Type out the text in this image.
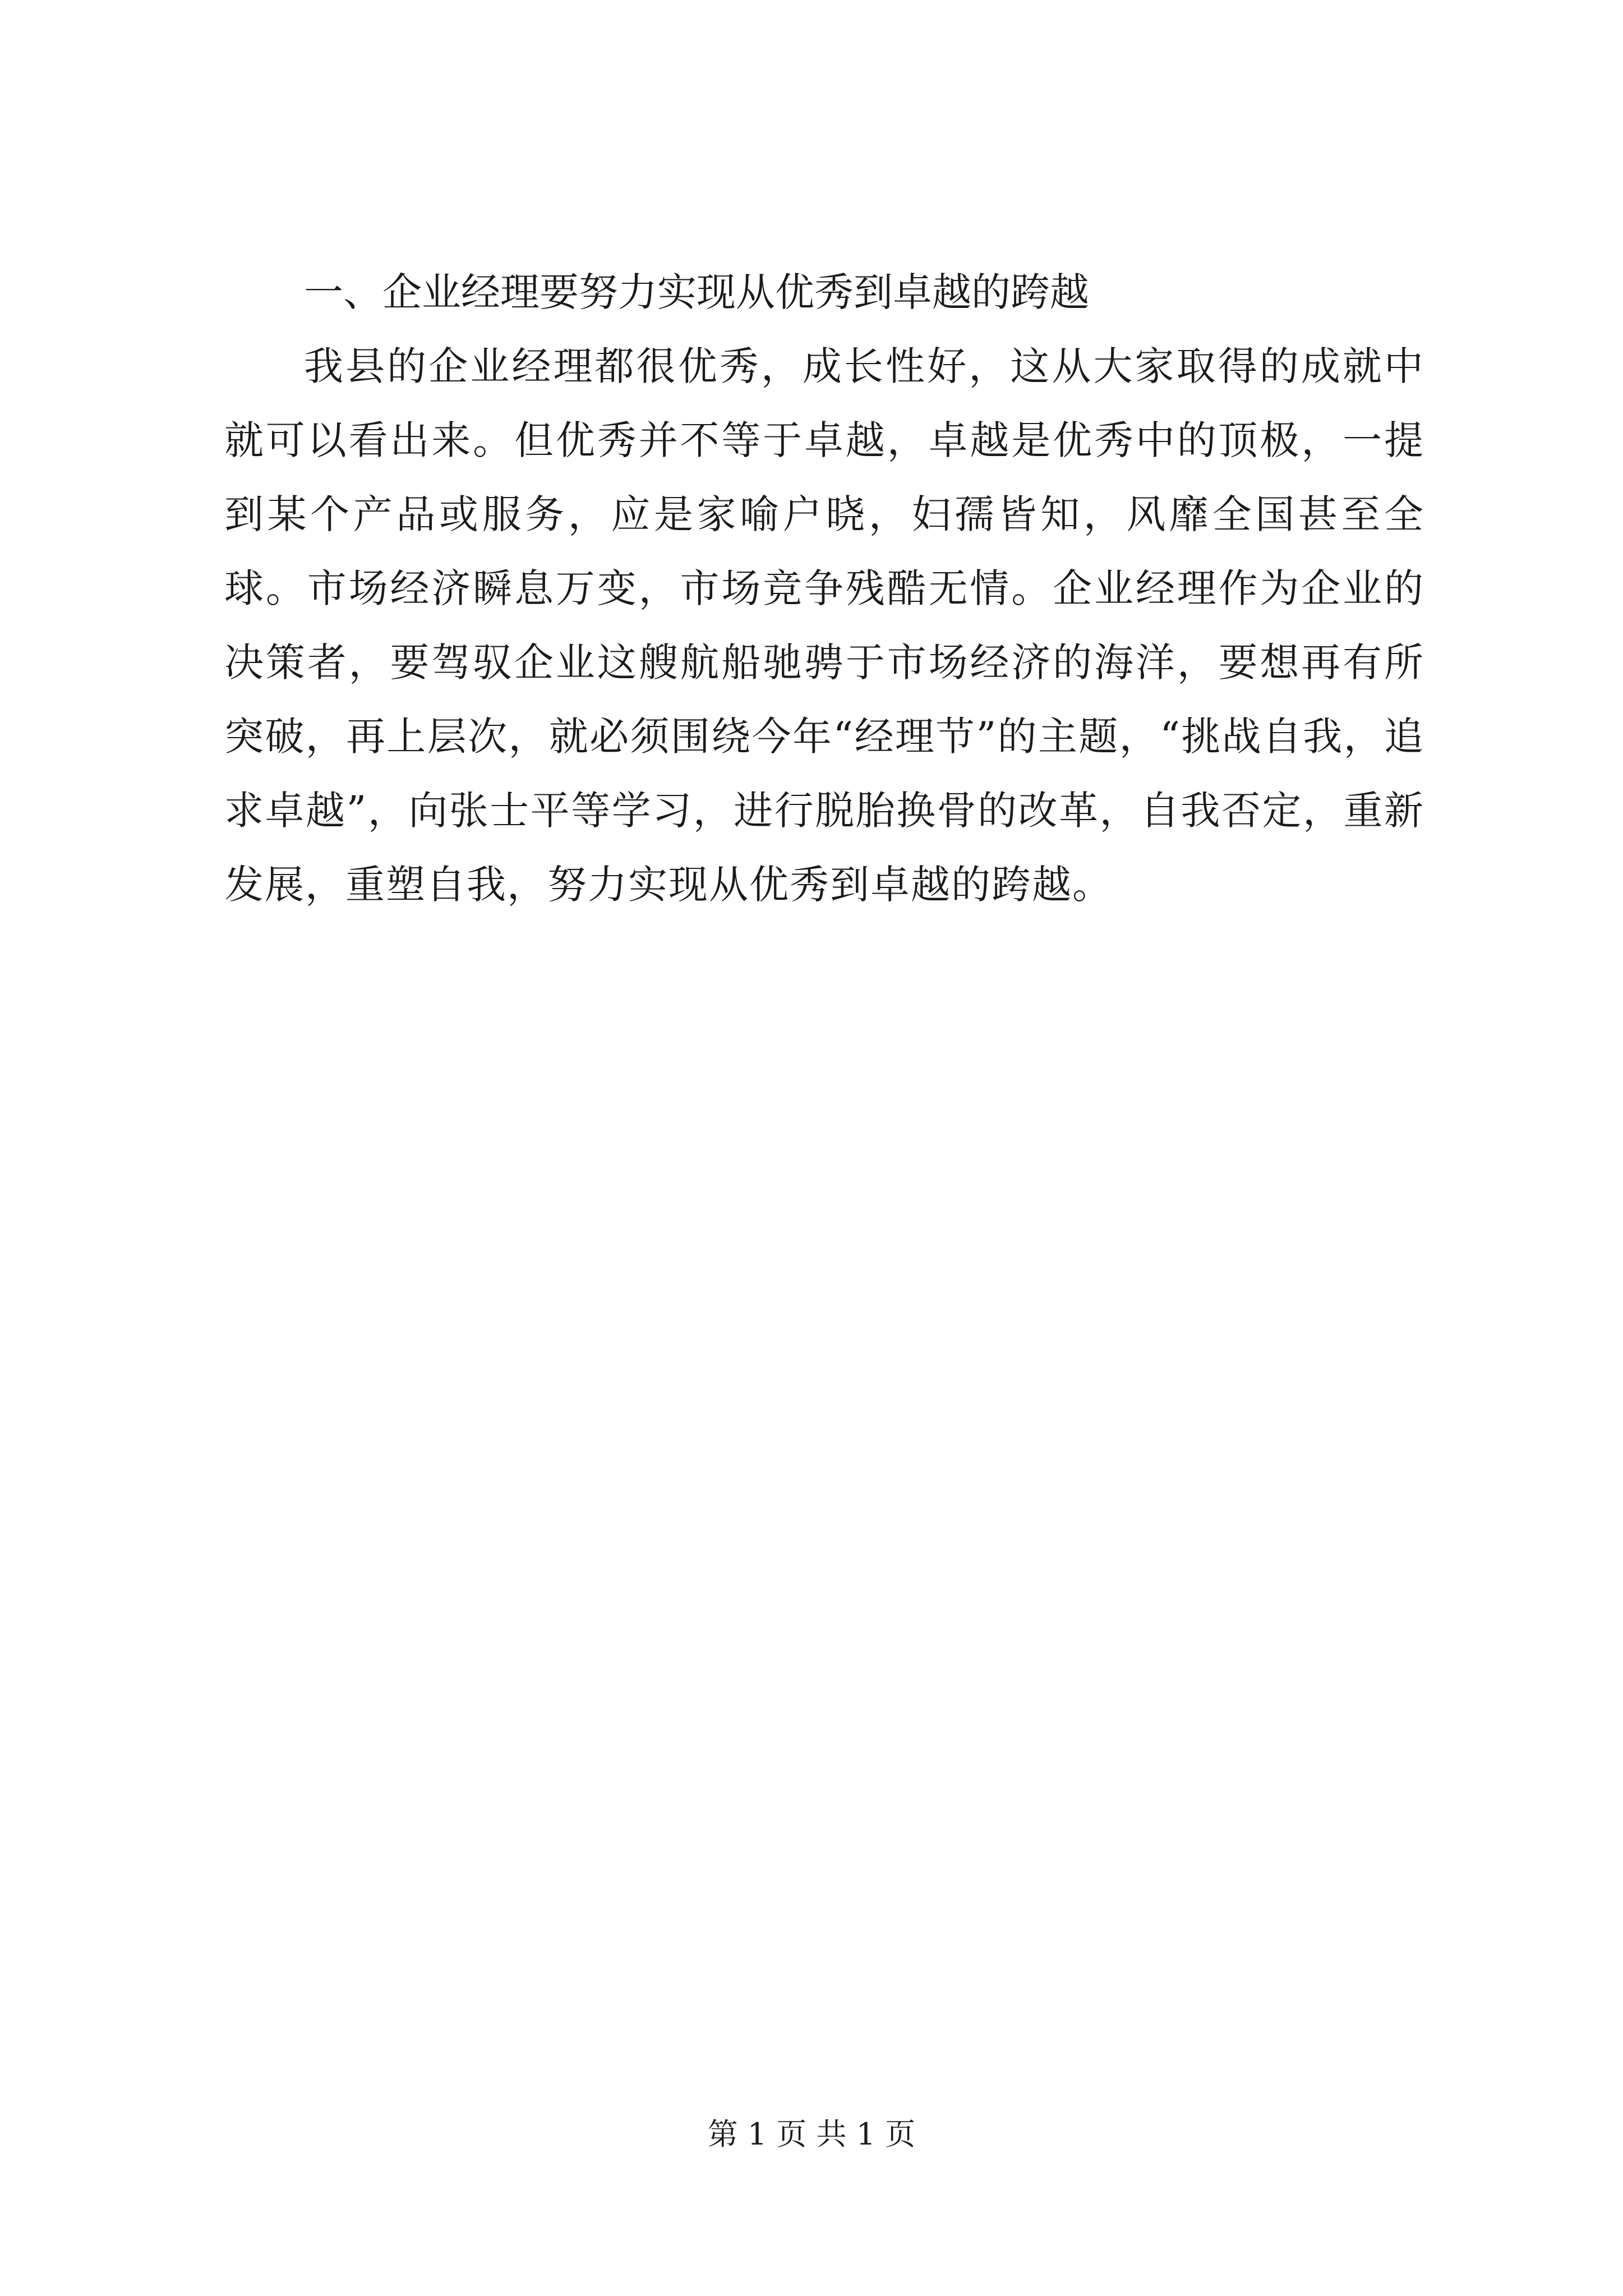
一、企业经理要努力实现从优秀到卓越的跨越

我县的企业经理都很优秀，成长性好，这从大家取得的成就中就可以看出来。但优秀并不等于卓越，卓越是优秀中的顶极，一提到某个产品或服务，应是家喻户晓，妇孺皆知，风靡全国甚至全球。市场经济瞬息万变，市场竞争残酷无情。企业经理作为企业的决策者，要驾驭企业这艘航船驰骋于市场经济的海洋，要想再有所突破，再上层次，就必须围绕今年“经理节”的主题，“挑战自我，追求卓越”，向张士平等学习，进行脱胎换骨的改革，自我否定，重新发展，重塑自我，努力实现从优秀到卓越的跨越。

第 1 页 共 1 页
